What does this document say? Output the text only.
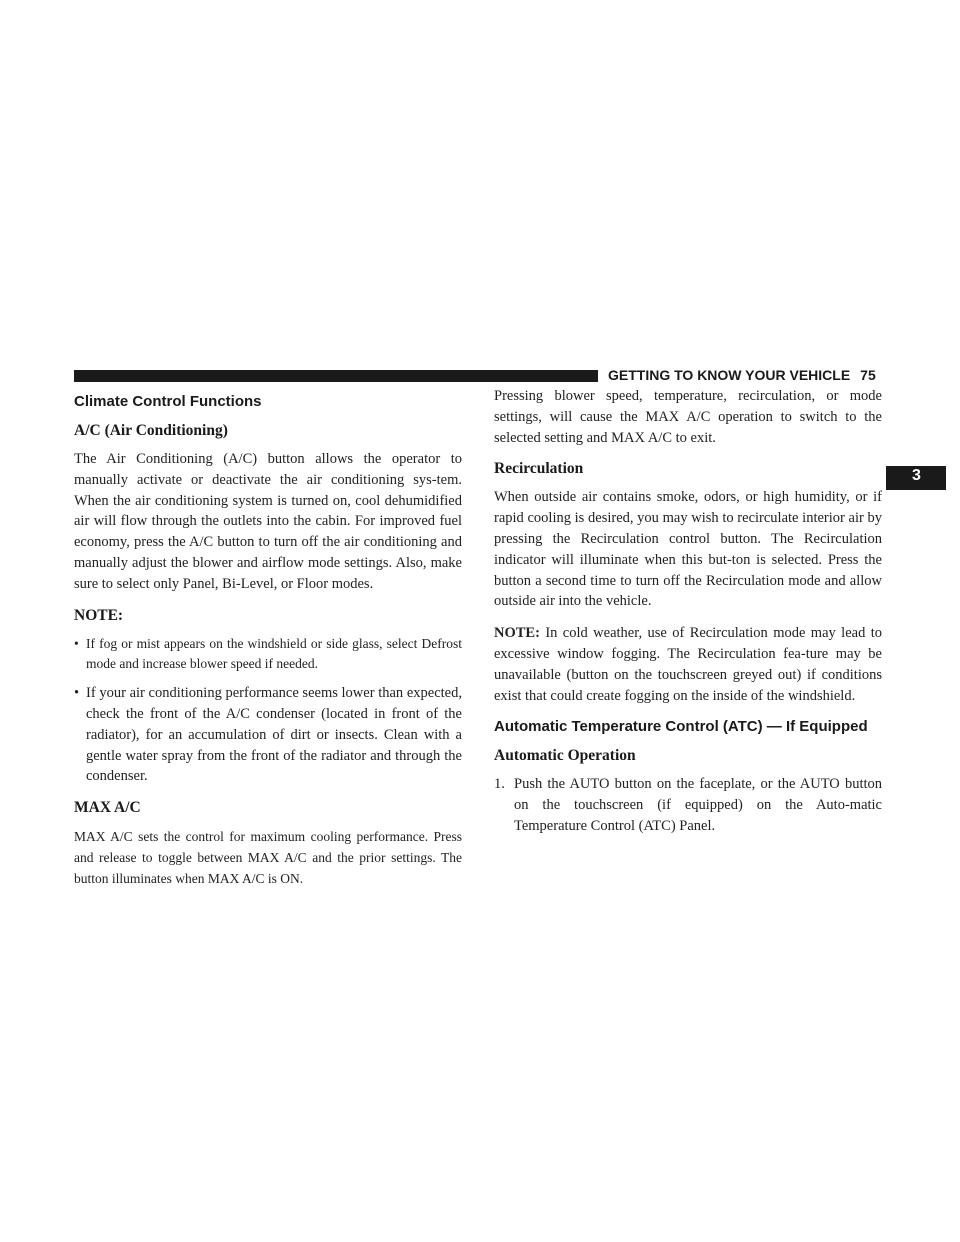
GETTING TO KNOW YOUR VEHICLE 75
3
Climate Control Functions
A/C (Air Conditioning)

The Air Conditioning (A/C) button allows the operator to manually activate or deactivate the air conditioning sys-tem. When the air conditioning system is turned on, cool dehumidified air will flow through the outlets into the cabin. For improved fuel economy, press the A/C button to turn off the air conditioning and manually adjust the blower and airflow mode settings. Also, make sure to select only Panel, Bi-Level, or Floor modes.

NOTE:
• If fog or mist appears on the windshield or side glass, select Defrost mode and increase blower speed if needed.
• If your air conditioning performance seems lower than expected, check the front of the A/C condenser (located in front of the radiator), for an accumulation of dirt or insects. Clean with a gentle water spray from the front of the radiator and through the condenser.
MAX A/C

MAX A/C sets the control for maximum cooling performance. Press and release to toggle between MAX A/C and the prior settings. The button illuminates when MAX A/C is ON.

Pressing blower speed, temperature, recirculation, or mode settings, will cause the MAX A/C operation to switch to the selected setting and MAX A/C to exit.

Recirculation

When outside air contains smoke, odors, or high humidity, or if rapid cooling is desired, you may wish to recirculate interior air by pressing the Recirculation control button. The Recirculation indicator will illuminate when this but-ton is selected. Press the button a second time to turn off the Recirculation mode and allow outside air into the vehicle.

NOTE: In cold weather, use of Recirculation mode may lead to excessive window fogging. The Recirculation fea-ture may be unavailable (button on the touchscreen greyed out) if conditions exist that could create fogging on the inside of the windshield.

Automatic Temperature Control (ATC) — If Equipped
Automatic Operation
1. Push the AUTO button on the faceplate, or the AUTO button on the touchscreen (if equipped) on the Auto-matic Temperature Control (ATC) Panel.
